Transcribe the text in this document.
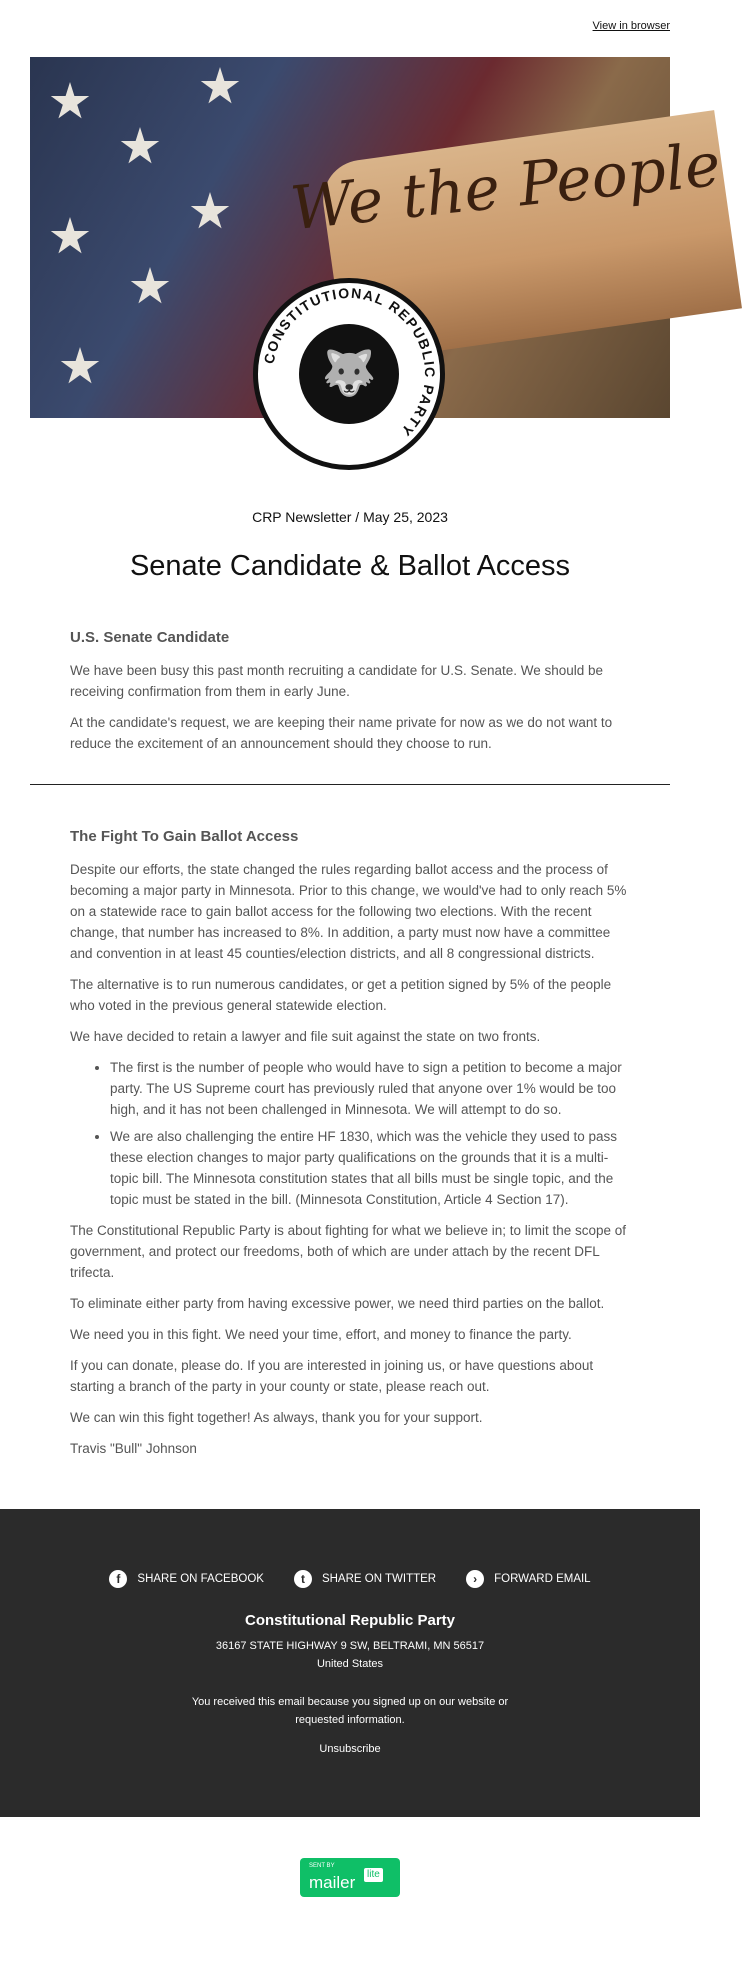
View in browser
We the People
CONSTITUTIONAL REPUBLIC PARTY
🐺
CRP Newsletter / May 25, 2023
Senate Candidate & Ballot Access
U.S. Senate Candidate

We have been busy this past month recruiting a candidate for U.S. Senate. We should be receiving confirmation from them in early June.

At the candidate's request, we are keeping their name private for now as we do not want to reduce the excitement of an announcement should they choose to run.

The Fight To Gain Ballot Access

Despite our efforts, the state changed the rules regarding ballot access and the process of becoming a major party in Minnesota. Prior to this change, we would've had to only reach 5% on a statewide race to gain ballot access for the following two elections. With the recent change, that number has increased to 8%. In addition, a party must now have a committee and convention in at least 45 counties/election districts, and all 8 congressional districts.

The alternative is to run numerous candidates, or get a petition signed by 5% of the people who voted in the previous general statewide election.

We have decided to retain a lawyer and file suit against the state on two fronts.

• The first is the number of people who would have to sign a petition to become a major party. The US Supreme court has previously ruled that anyone over 1% would be too high, and it has not been challenged in Minnesota. We will attempt to do so.
• We are also challenging the entire HF 1830, which was the vehicle they used to pass these election changes to major party qualifications on the grounds that it is a multi-topic bill. The Minnesota constitution states that all bills must be single topic, and the topic must be stated in the bill. (Minnesota Constitution, Article 4 Section 17).

The Constitutional Republic Party is about fighting for what we believe in; to limit the scope of government, and protect our freedoms, both of which are under attach by the recent DFL trifecta.

To eliminate either party from having excessive power, we need third parties on the ballot.

We need you in this fight. We need your time, effort, and money to finance the party.

If you can donate, please do. If you are interested in joining us, or have questions about starting a branch of the party in your county or state, please reach out.

We can win this fight together! As always, thank you for your support.

Travis "Bull" Johnson

f SHARE ON FACEBOOK	t SHARE ON TWITTER	› FORWARD EMAIL
Constitutional Republic Party
36167 STATE HIGHWAY 9 SW, BELTRAMI, MN 56517
United States
You received this email because you signed up on our website or requested information.
Unsubscribe
SENT BY
mailer	lite
